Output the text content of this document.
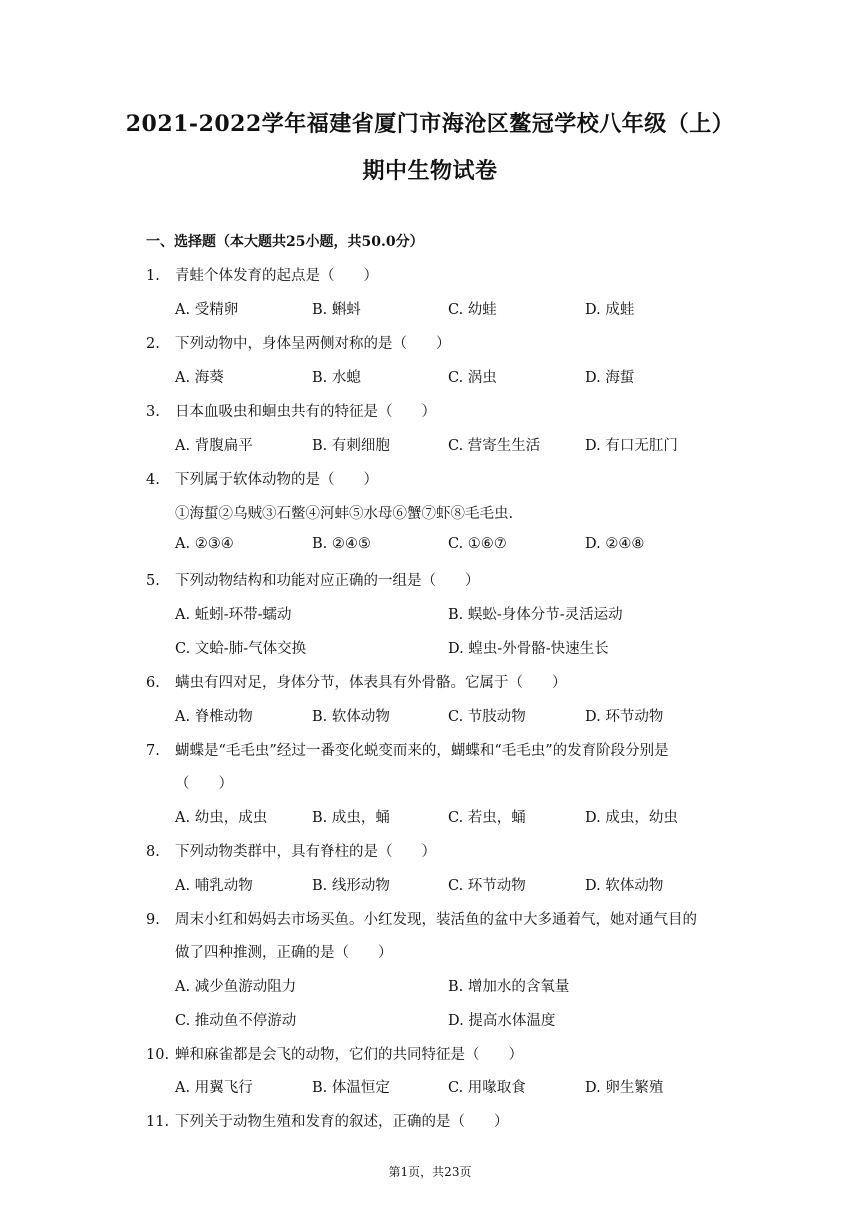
2021-2022学年福建省厦门市海沧区鳌冠学校八年级（上）
期中生物试卷
一、选择题（本大题共25小题，共50.0分）
1. 青蛙个体发育的起点是（　　）
A. 受精卵	B. 蝌蚪	C. 幼蛙	D. 成蛙
2. 下列动物中，身体呈两侧对称的是（　　）
A. 海葵	B. 水螅	C. 涡虫	D. 海蜇
3. 日本血吸虫和蛔虫共有的特征是（　　）
A. 背腹扁平	B. 有刺细胞	C. 营寄生生活	D. 有口无肛门
4. 下列属于软体动物的是（　　）
①海蜇②乌贼③石鳖④河蚌⑤水母⑥蟹⑦虾⑧毛毛虫.
A. ②③④	B. ②④⑤	C. ①⑥⑦	D. ②④⑧
5. 下列动物结构和功能对应正确的一组是（　　）
A. 蚯蚓-环带-蠕动	B. 蜈蚣-身体分节-灵活运动
C. 文蛤-肺-气体交换	D. 蝗虫-外骨骼-快速生长
6. 螨虫有四对足，身体分节，体表具有外骨骼。它属于（　　）
A. 脊椎动物	B. 软体动物	C. 节肢动物	D. 环节动物
7. 蝴蝶是“毛毛虫”经过一番变化蜕变而来的，蝴蝶和“毛毛虫”的发育阶段分别是
（　　）
A. 幼虫，成虫	B. 成虫，蛹	C. 若虫，蛹	D. 成虫，幼虫
8. 下列动物类群中，具有脊柱的是（　　）
A. 哺乳动物	B. 线形动物	C. 环节动物	D. 软体动物
9. 周末小红和妈妈去市场买鱼。小红发现，装活鱼的盆中大多通着气，她对通气目的
做了四种推测，正确的是（　　）
A. 减少鱼游动阻力	B. 增加水的含氧量
C. 推动鱼不停游动	D. 提高水体温度
10. 蝉和麻雀都是会飞的动物，它们的共同特征是（　　）
A. 用翼飞行	B. 体温恒定	C. 用喙取食	D. 卵生繁殖
11. 下列关于动物生殖和发育的叙述，正确的是（　　）
第1页，共23页
